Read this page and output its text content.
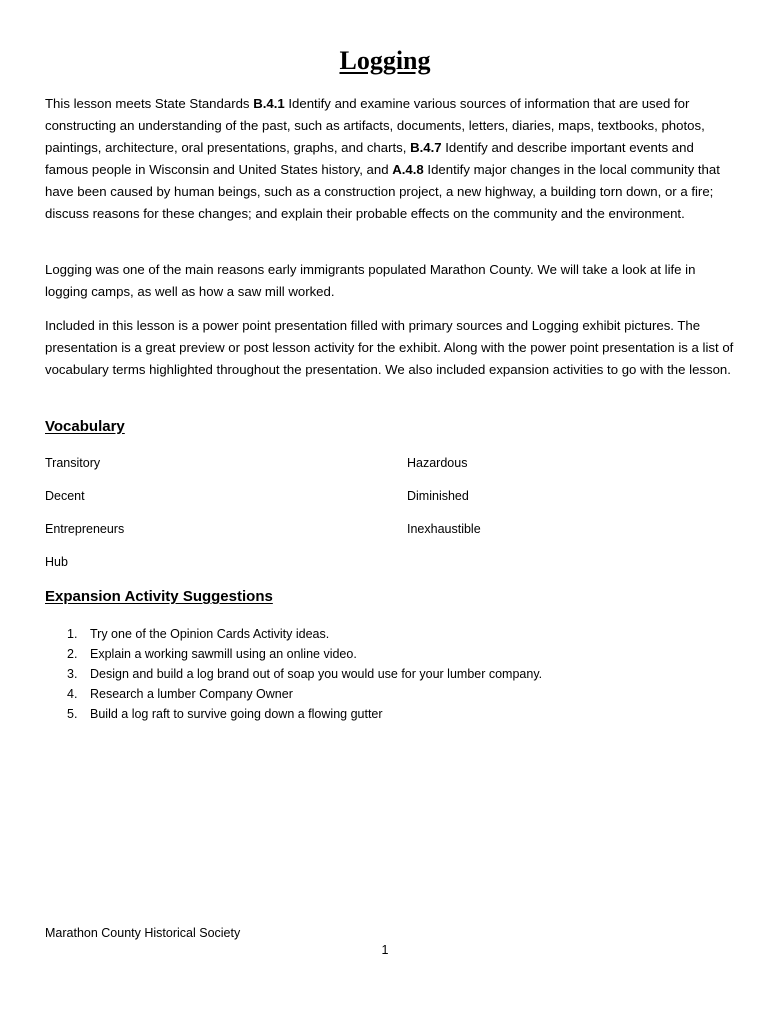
Logging

This lesson meets State Standards B.4.1 Identify and examine various sources of information that are used for constructing an understanding of the past, such as artifacts, documents, letters, diaries, maps, textbooks, photos, paintings, architecture, oral presentations, graphs, and charts, B.4.7 Identify and describe important events and famous people in Wisconsin and United States history, and A.4.8 Identify major changes in the local community that have been caused by human beings, such as a construction project, a new highway, a building torn down, or a fire; discuss reasons for these changes; and explain their probable effects on the community and the environment.

Logging was one of the main reasons early immigrants populated Marathon County. We will take a look at life in logging camps, as well as how a saw mill worked.

Included in this lesson is a power point presentation filled with primary sources and Logging exhibit pictures. The presentation is a great preview or post lesson activity for the exhibit. Along with the power point presentation is a list of vocabulary terms highlighted throughout the presentation. We also included expansion activities to go with the lesson.

Vocabulary
Transitory	Hazardous
Decent	Diminished
Entrepreneurs	Inexhaustible
Hub
Expansion Activity Suggestions
1.	Try one of the Opinion Cards Activity ideas.
2.	Explain a working sawmill using an online video.
3.	Design and build a log brand out of soap you would use for your lumber company.
4.	Research a lumber Company Owner
5.	Build a log raft to survive going down a flowing gutter

Marathon County Historical Society

1
